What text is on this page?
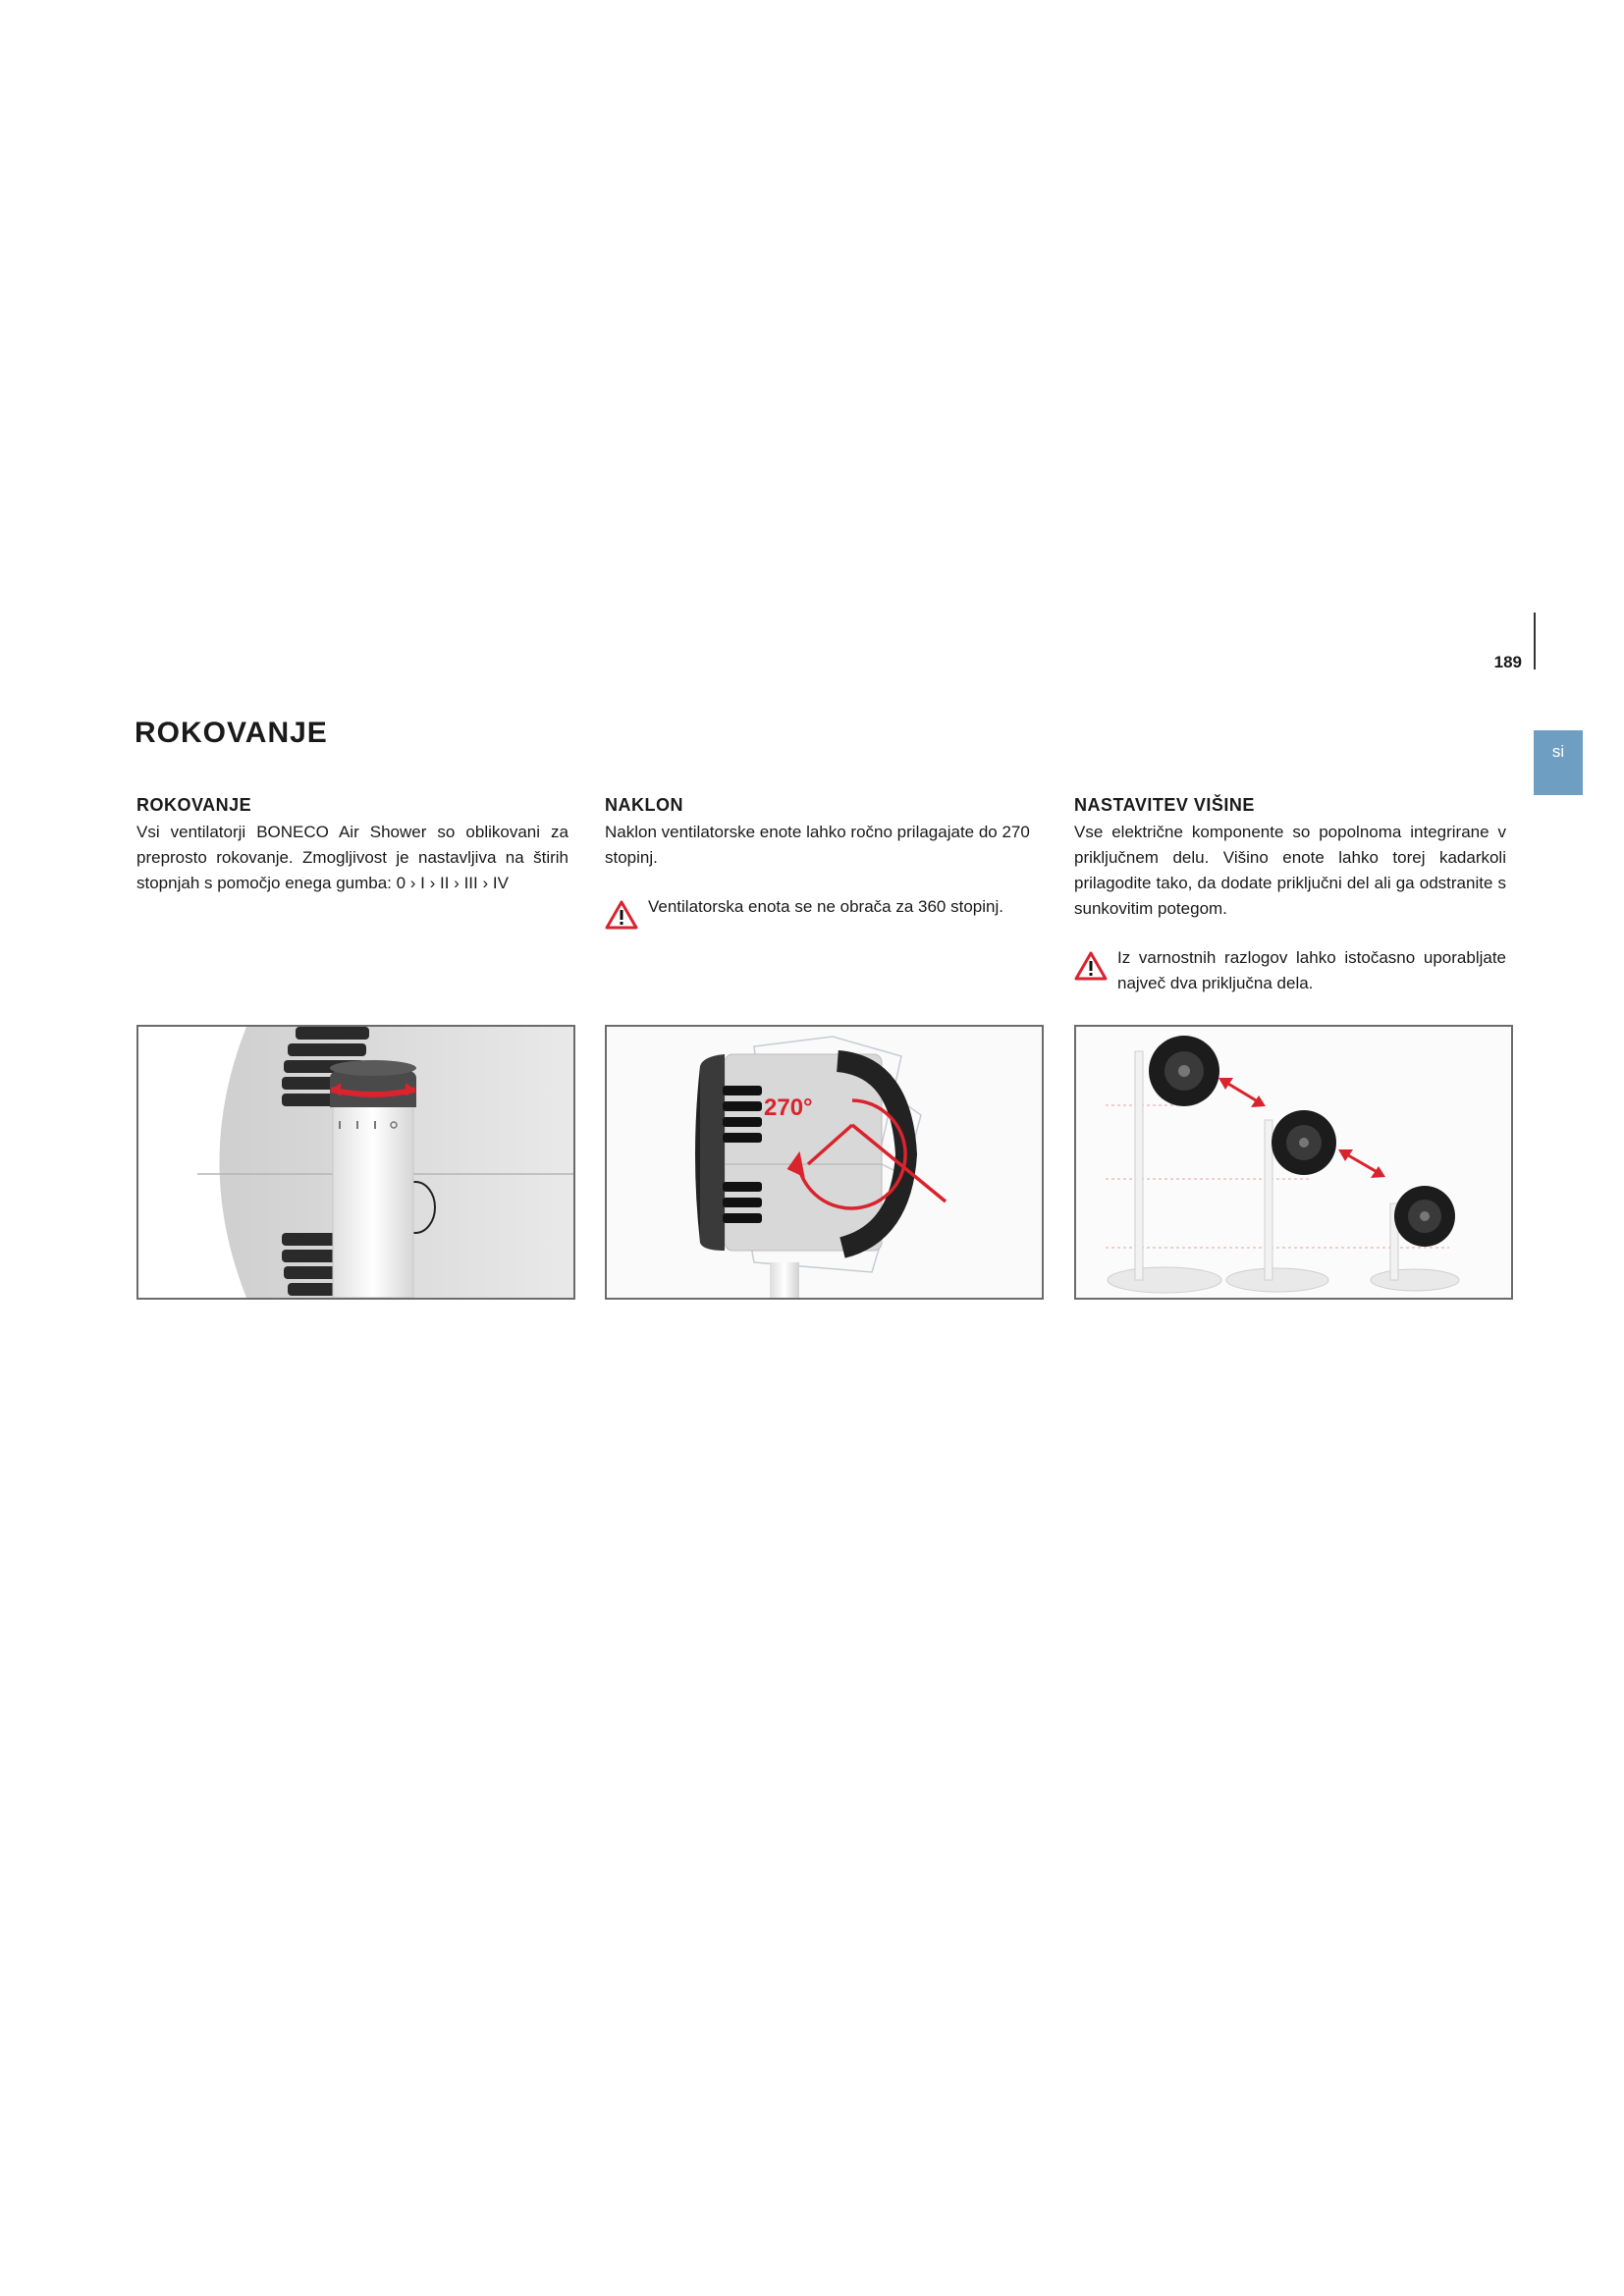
189
si
ROKOVANJE
ROKOVANJE

Vsi ventilatorji BONECO Air Shower so oblikovani za preprosto rokovanje. Zmogljivost je nastavljiva na štirih stopnjah s pomočjo enega gumba: 0 › I › II › III › IV

NAKLON

Naklon ventilatorske enote lahko ročno prilagajate do 270 stopinj.

Ventilatorska enota se ne obrača za 360 stopinj.
NASTAVITEV VIŠINE

Vse električne komponente so popolnoma integrirane v priključnem delu. Višino enote lahko torej kadarkoli prilagodite tako, da dodate priključni del ali ga odstranite s sunkovitim potegom.

Iz varnostnih razlogov lahko istočasno uporabljate največ dva priključna dela.
270°
